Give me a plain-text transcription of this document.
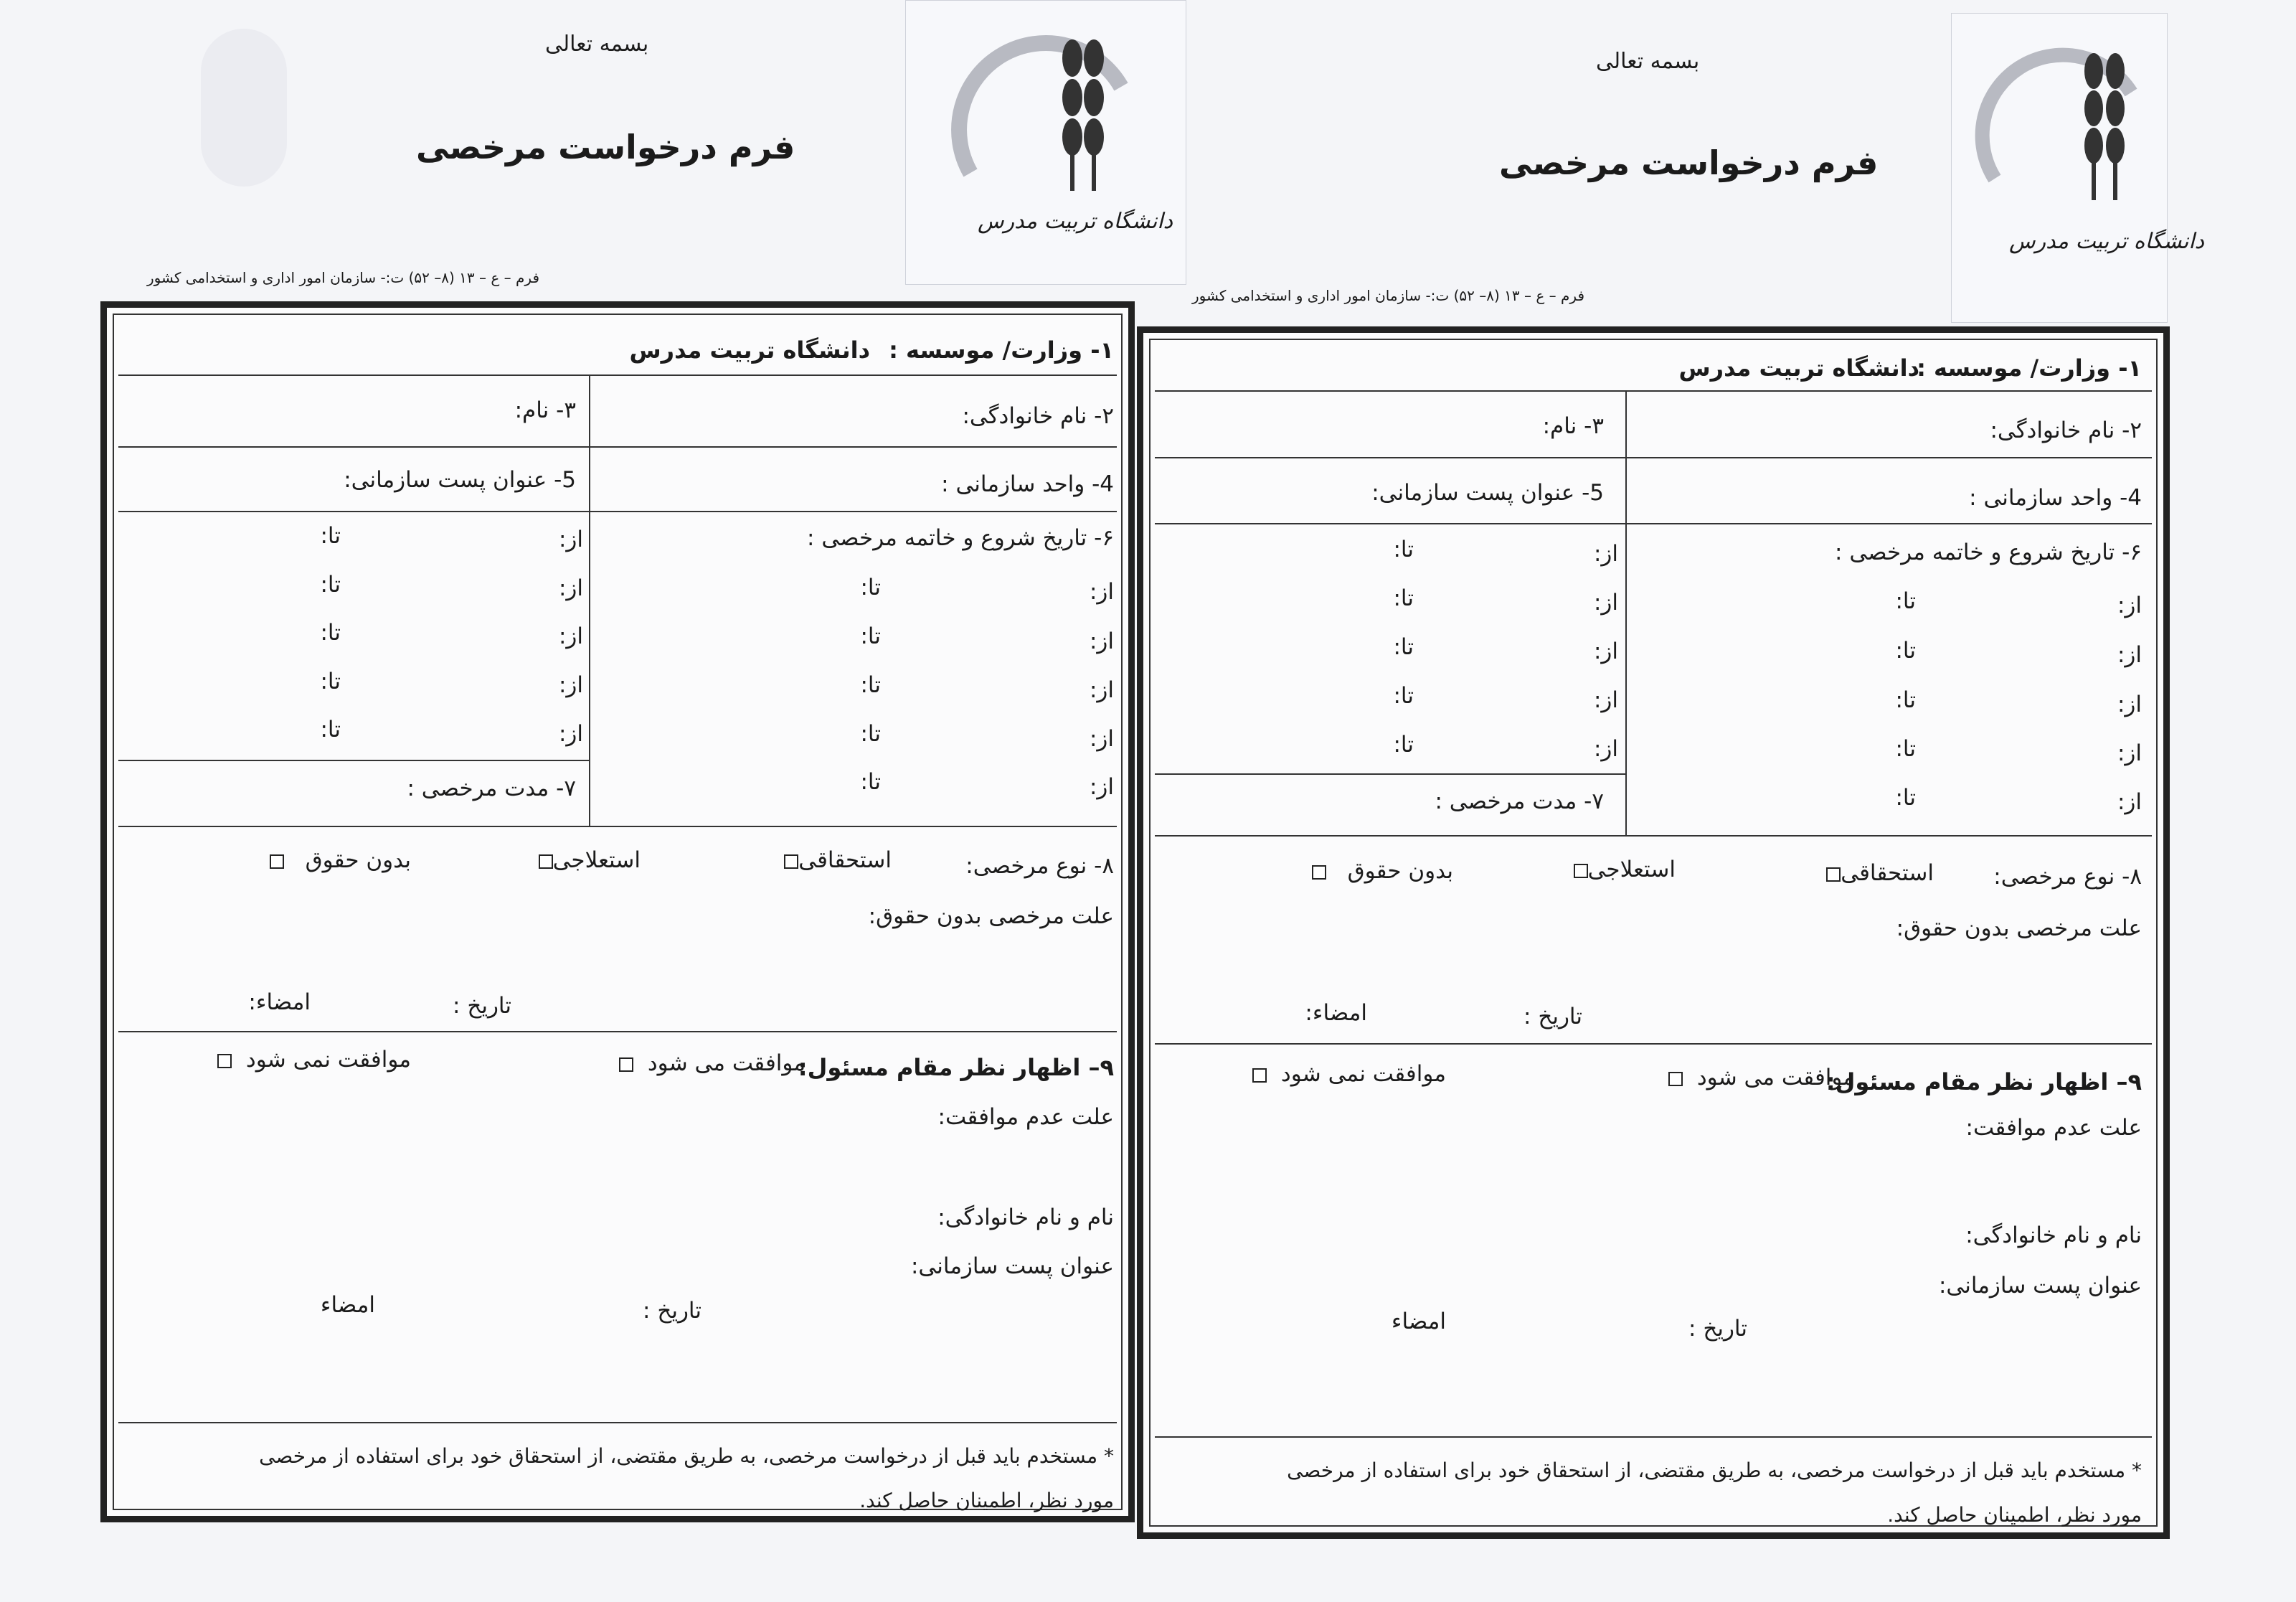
بسمه تعالی
فرم درخواست مرخصی
فرم – ع – ۱۳ (۸– ۵۲) ت:- سازمان امور اداری و استخدامی کشور
دانشگاه تربیت مدرس
بسمه تعالی
فرم درخواست مرخصی
فرم – ع – ۱۳ (۸– ۵۲) ت:- سازمان امور اداری و استخدامی کشور
دانشگاه تربیت مدرس
۱- وزارت/ موسسه :
دانشگاه تربیت مدرس
۲- نام خانوادگی:
۳- نام:
4- واحد سازمانی :
5- عنوان پست سازمانی:
۶- تاریخ شروع و خاتمه مرخصی :
از:
تا:
از:
تا:
از:
تا:
از:
تا:
از:
تا:
از:
تا:
از:
تا:
از:
تا:
از:
تا:
از:
تا:
۷- مدت مرخصی :
۸- نوع مرخصی:
استحقاقی
استعلاجی
بدون حقوق
علت مرخصی بدون حقوق:
تاریخ :
امضاء:
۹– اظهار نظر مقام مسئول:
موافقت می شود
موافقت نمی شود
علت عدم موافقت:
نام و نام خانوادگی:
عنوان پست سازمانی:
تاریخ :
امضاء
* مستخدم باید قبل از درخواست مرخصی، به طریق مقتضی، از استحقاق خود برای استفاده از مرخصی
مورد نظر، اطمینان حاصل کند.
۱- وزارت/ موسسه :
دانشگاه تربیت مدرس
۲- نام خانوادگی:
۳- نام:
4- واحد سازمانی :
5- عنوان پست سازمانی:
۶- تاریخ شروع و خاتمه مرخصی :
از:
تا:
از:
تا:
از:
تا:
از:
تا:
از:
تا:
از:
تا:
از:
تا:
از:
تا:
از:
تا:
از:
تا:
۷- مدت مرخصی :
۸- نوع مرخصی:
استحقاقی
استعلاجی
بدون حقوق
علت مرخصی بدون حقوق:
تاریخ :
امضاء:
۹– اظهار نظر مقام مسئول:
موافقت می شود
موافقت نمی شود
علت عدم موافقت:
نام و نام خانوادگی:
عنوان پست سازمانی:
تاریخ :
امضاء
* مستخدم باید قبل از درخواست مرخصی، به طریق مقتضی، از استحقاق خود برای استفاده از مرخصی
مورد نظر، اطمینان حاصل کند.
